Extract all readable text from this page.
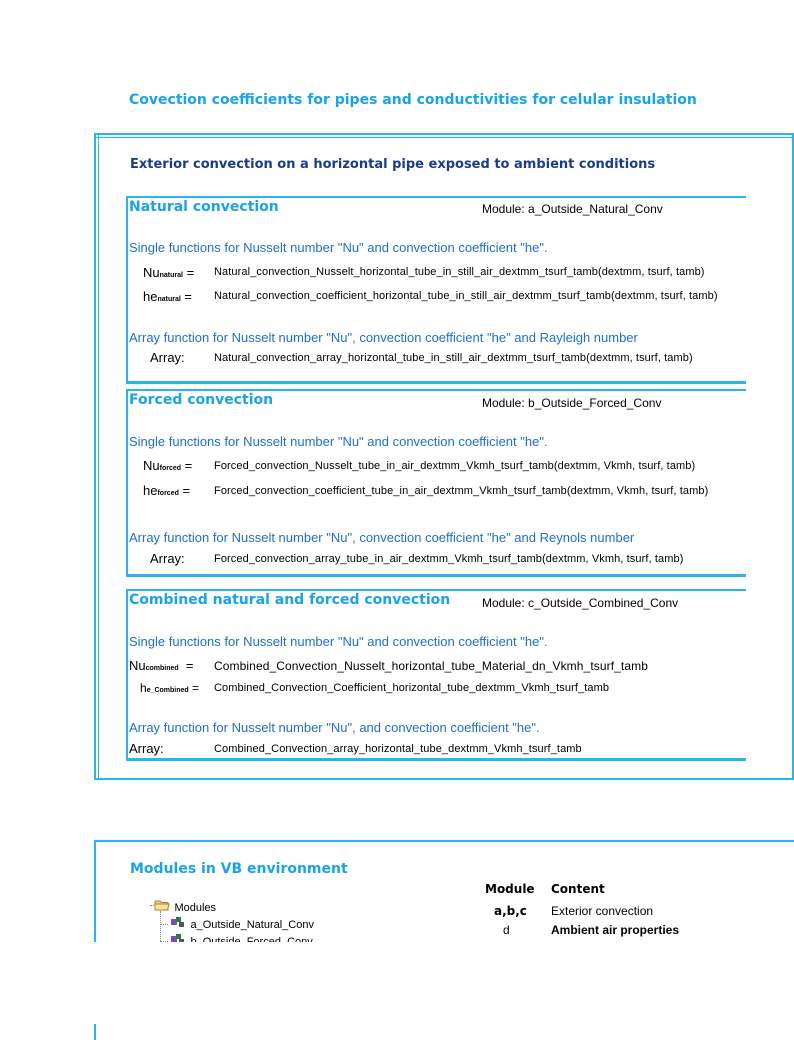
Covection coefficients for pipes and conductivities for celular insulation
Exterior convection on a horizontal pipe exposed to ambient conditions
Natural convection	Module: a_Outside_Natural_Conv
Single functions for Nusselt number "Nu" and convection coefficient "he".
Nunatural = Natural_convection_Nusselt_horizontal_tube_in_still_air_dextmm_tsurf_tamb(dextmm, tsurf, tamb)
henatural = Natural_convection_coefficient_horizontal_tube_in_still_air_dextmm_tsurf_tamb(dextmm, tsurf, tamb)
Array function for Nusselt number "Nu", convection coefficient "he" and Rayleigh number
Array:	Natural_convection_array_horizontal_tube_in_still_air_dextmm_tsurf_tamb(dextmm, tsurf, tamb)
Forced convection	Module: b_Outside_Forced_Conv
Single functions for Nusselt number "Nu" and convection coefficient "he".
Nuforced = Forced_convection_Nusselt_tube_in_air_dextmm_Vkmh_tsurf_tamb(dextmm, Vkmh, tsurf, tamb)
heforced = Forced_convection_coefficient_tube_in_air_dextmm_Vkmh_tsurf_tamb(dextmm, Vkmh, tsurf, tamb)
Array function for Nusselt number "Nu", convection coefficient "he" and Reynols number
Array:	Forced_convection_array_tube_in_air_dextmm_Vkmh_tsurf_tamb(dextmm, Vkmh, tsurf, tamb)
Combined natural and forced convection	Module: c_Outside_Combined_Conv
Single functions for Nusselt number "Nu" and convection coefficient "he".
Nucombined  = Combined_Convection_Nusselt_horizontal_tube_Material_dn_Vkmh_tsurf_tamb
he_Combined = Combined_Convection_Coefficient_horizontal_tube_dextmm_Vkmh_tsurf_tamb
Array function for Nusselt number "Nu", and convection coefficient "he".
Array:	Combined_Convection_array_horizontal_tube_dextmm_Vkmh_tsurf_tamb
Modules in VB environment
Module Content
a,b,c Exterior convection
d	Ambient air properties
Modules
a_Outside_Natural_Conv
